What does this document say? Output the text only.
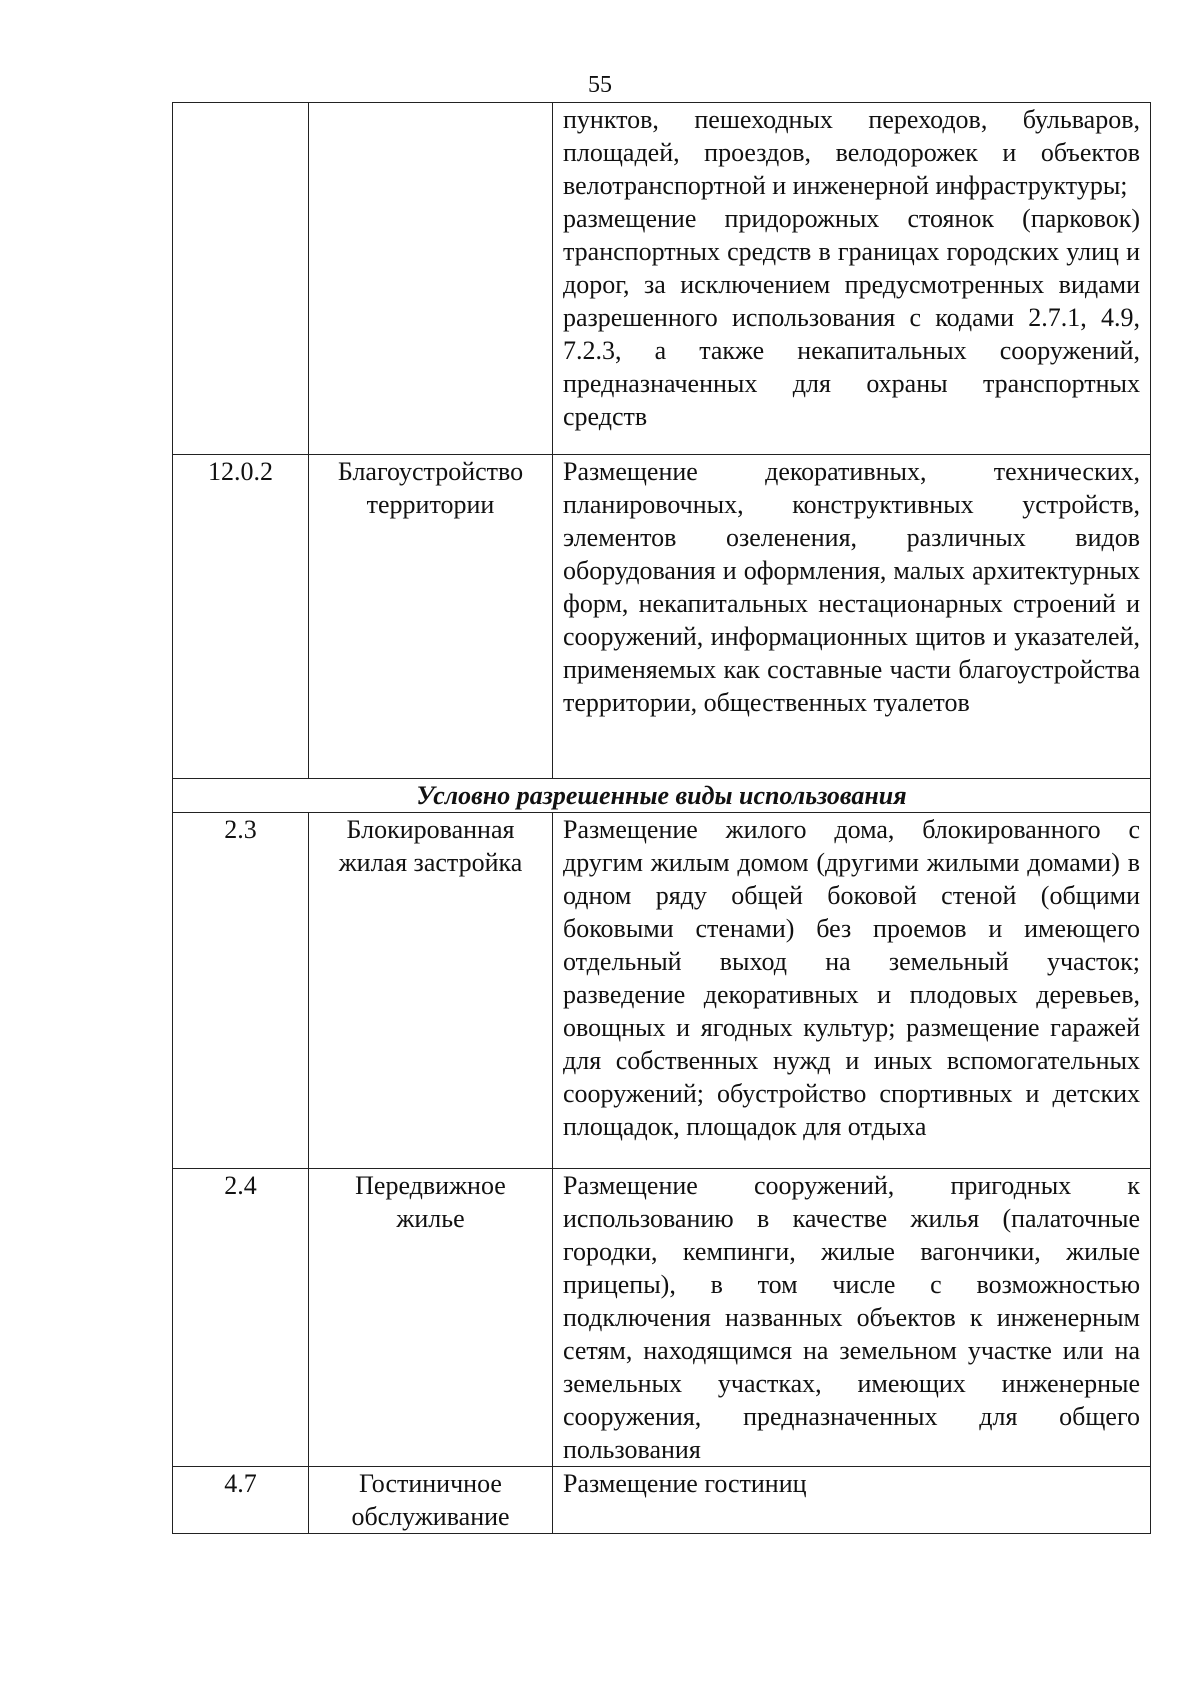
55

		пунктов, пешеходных переходов, бульваров, площадей, проездов, велодорожек и объектов велотранспортной и инженерной инфраструктуры;
размещение придорожных стоянок (парковок) транспортных средств в границах городских улиц и дорог, за исключением предусмотренных видами разрешенного использования с кодами 2.7.1, 4.9, 7.2.3, а также некапитальных сооружений, предназначенных для охраны транспортных средств

12.0.2	Благоустройство территории	Размещение декоративных, технических, планировочных, конструктивных устройств, элементов озеленения, различных видов оборудования и оформления, малых архитектурных форм, некапитальных нестационарных строений и сооружений, информационных щитов и указателей, применяемых как составные части благоустройства территории, общественных туалетов

Условно разрешенные виды использования		
2.3	Блокированная жилая застройка	Размещение жилого дома, блокированного с другим жилым домом (другими жилыми домами) в одном ряду общей боковой стеной (общими боковыми стенами) без проемов и имеющего отдельный выход на земельный участок; разведение декоративных и плодовых деревьев, овощных и ягодных культур; размещение гаражей для собственных нужд и иных вспомогательных сооружений; обустройство спортивных и детских площадок, площадок для отдыха

2.4	Передвижное жилье	Размещение сооружений, пригодных к использованию в качестве жилья (палаточные городки, кемпинги, жилые вагончики, жилые прицепы), в том числе с возможностью подключения названных объектов к инженерным сетям, находящимся на земельном участке или на земельных участках, имеющих инженерные сооружения, предназначенных для общего пользования

4.7	Гостиничное обслуживание	Размещение гостиниц
